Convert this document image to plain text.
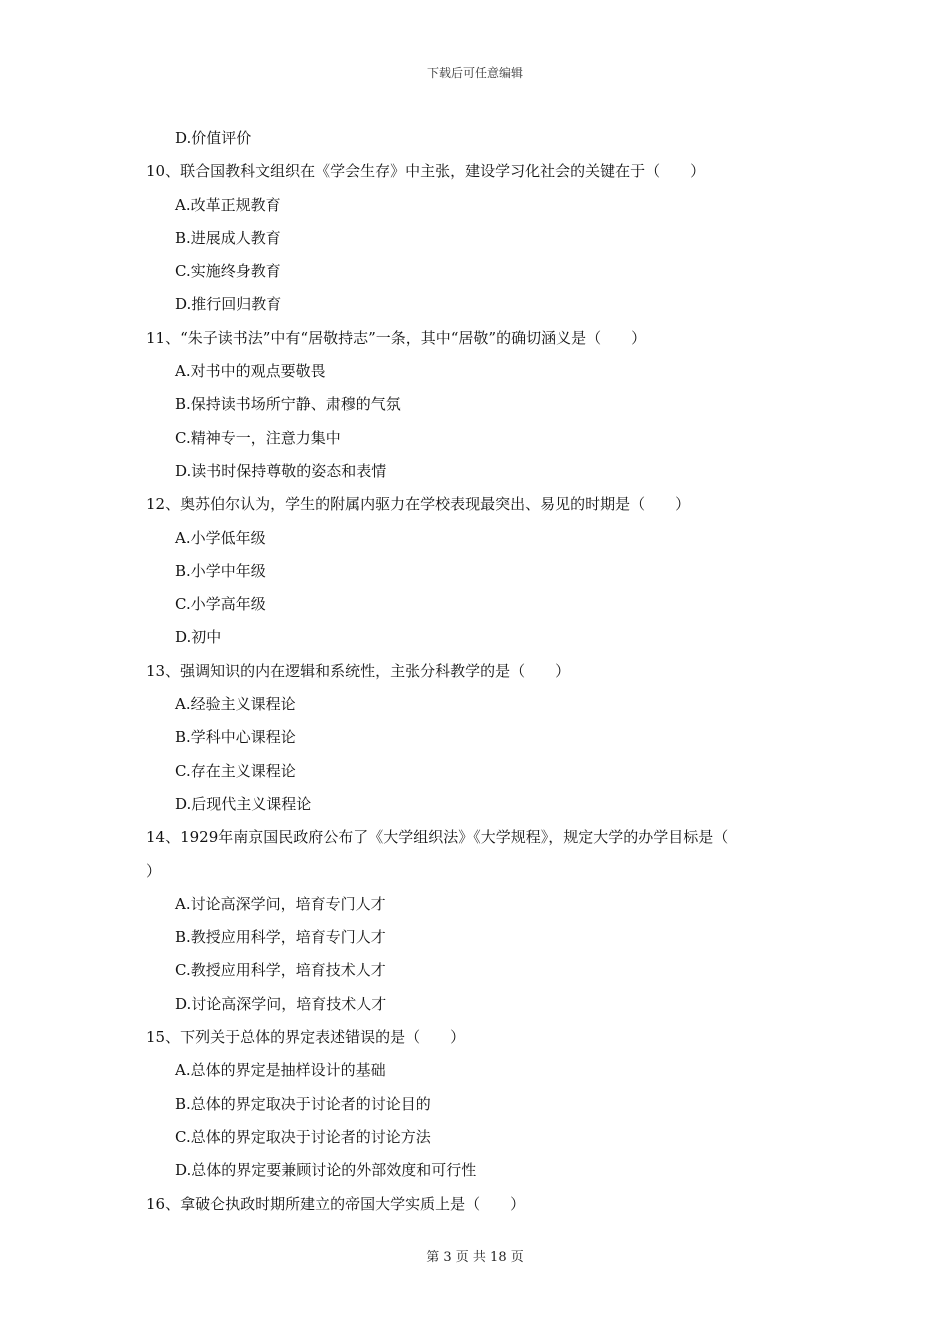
下载后可任意编辑
D.价值评价
10、联合国教科文组织在《学会生存》中主张，建设学习化社会的关键在于（　　）
A.改革正规教育
B.进展成人教育
C.实施终身教育
D.推行回归教育
11、“朱子读书法”中有“居敬持志”一条，其中“居敬”的确切涵义是（　　）
A.对书中的观点要敬畏
B.保持读书场所宁静、肃穆的气氛
C.精神专一，注意力集中
D.读书时保持尊敬的姿态和表情
12、奥苏伯尔认为，学生的附属内驱力在学校表现最突出、易见的时期是（　　）
A.小学低年级
B.小学中年级
C.小学高年级
D.初中
13、强调知识的内在逻辑和系统性，主张分科教学的是（　　）
A.经验主义课程论
B.学科中心课程论
C.存在主义课程论
D.后现代主义课程论
14、1929年南京国民政府公布了《大学组织法》《大学规程》，规定大学的办学目标是（
）
A.讨论高深学问，培育专门人才
B.教授应用科学，培育专门人才
C.教授应用科学，培育技术人才
D.讨论高深学问，培育技术人才
15、下列关于总体的界定表述错误的是（　　）
A.总体的界定是抽样设计的基础
B.总体的界定取决于讨论者的讨论目的
C.总体的界定取决于讨论者的讨论方法
D.总体的界定要兼顾讨论的外部效度和可行性
16、拿破仑执政时期所建立的帝国大学实质上是（　　）
第 3 页 共 18 页
